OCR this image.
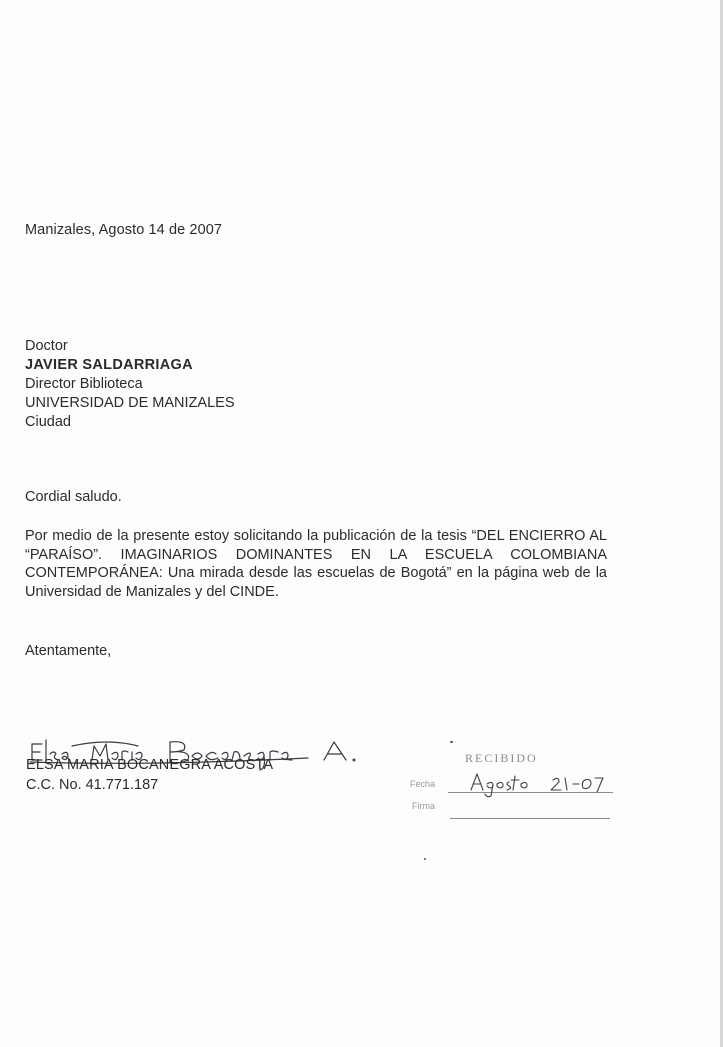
Manizales, Agosto 14 de 2007
Doctor
JAVIER SALDARRIAGA
Director Biblioteca
UNIVERSIDAD DE MANIZALES
Ciudad
Cordial saludo.
Por medio de la presente estoy solicitando la publicación de la tesis “DEL ENCIERRO AL “PARAÍSO”. IMAGINARIOS DOMINANTES EN LA ESCUELA COLOMBIANA CONTEMPORÁNEA: Una mirada desde las escuelas de Bogotá” en la página web de la Universidad de Manizales y del CINDE.
Atentamente,
ELSA MARIA BOCANEGRA ACOSTA
C.C. No. 41.771.187
RECIBIDO
Fecha
Firma
